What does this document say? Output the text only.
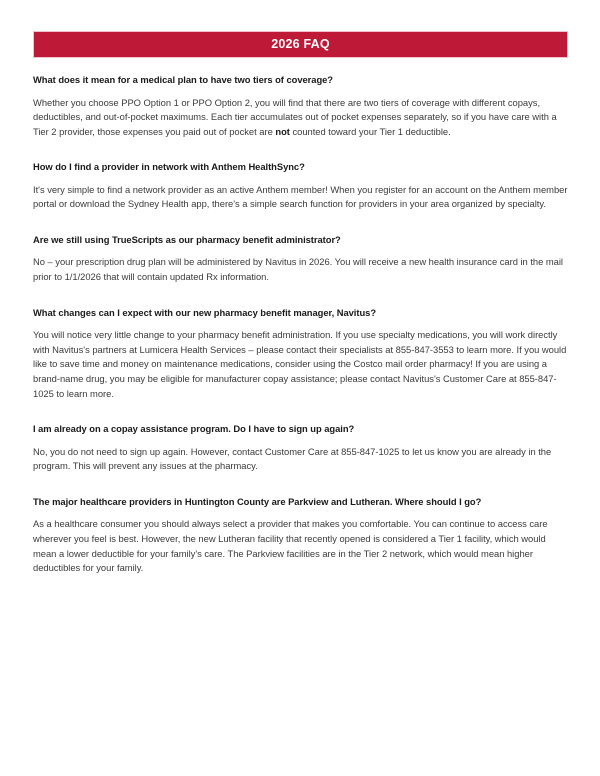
2026 FAQ

What does it mean for a medical plan to have two tiers of coverage?

Whether you choose PPO Option 1 or PPO Option 2, you will find that there are two tiers of coverage with different copays, deductibles, and out-of-pocket maximums. Each tier accumulates out of pocket expenses separately, so if you have care with a Tier 2 provider, those expenses you paid out of pocket are not counted toward your Tier 1 deductible.

How do I find a provider in network with Anthem HealthSync?

It's very simple to find a network provider as an active Anthem member! When you register for an account on the Anthem member portal or download the Sydney Health app, there's a simple search function for providers in your area organized by specialty.

Are we still using TrueScripts as our pharmacy benefit administrator?

No – your prescription drug plan will be administered by Navitus in 2026. You will receive a new health insurance card in the mail prior to 1/1/2026 that will contain updated Rx information.

What changes can I expect with our new pharmacy benefit manager, Navitus?

You will notice very little change to your pharmacy benefit administration. If you use specialty medications, you will work directly with Navitus's partners at Lumicera Health Services – please contact their specialists at 855-847-3553 to learn more. If you would like to save time and money on maintenance medications, consider using the Costco mail order pharmacy! If you are using a brand-name drug, you may be eligible for manufacturer copay assistance; please contact Navitus's Customer Care at 855-847-1025 to learn more.

I am already on a copay assistance program. Do I have to sign up again?

No, you do not need to sign up again. However, contact Customer Care at 855-847-1025 to let us know you are already in the program. This will prevent any issues at the pharmacy.

The major healthcare providers in Huntington County are Parkview and Lutheran. Where should I go?

As a healthcare consumer you should always select a provider that makes you comfortable. You can continue to access care wherever you feel is best. However, the new Lutheran facility that recently opened is considered a Tier 1 facility, which would mean a lower deductible for your family's care. The Parkview facilities are in the Tier 2 network, which would mean higher deductibles for your family.
